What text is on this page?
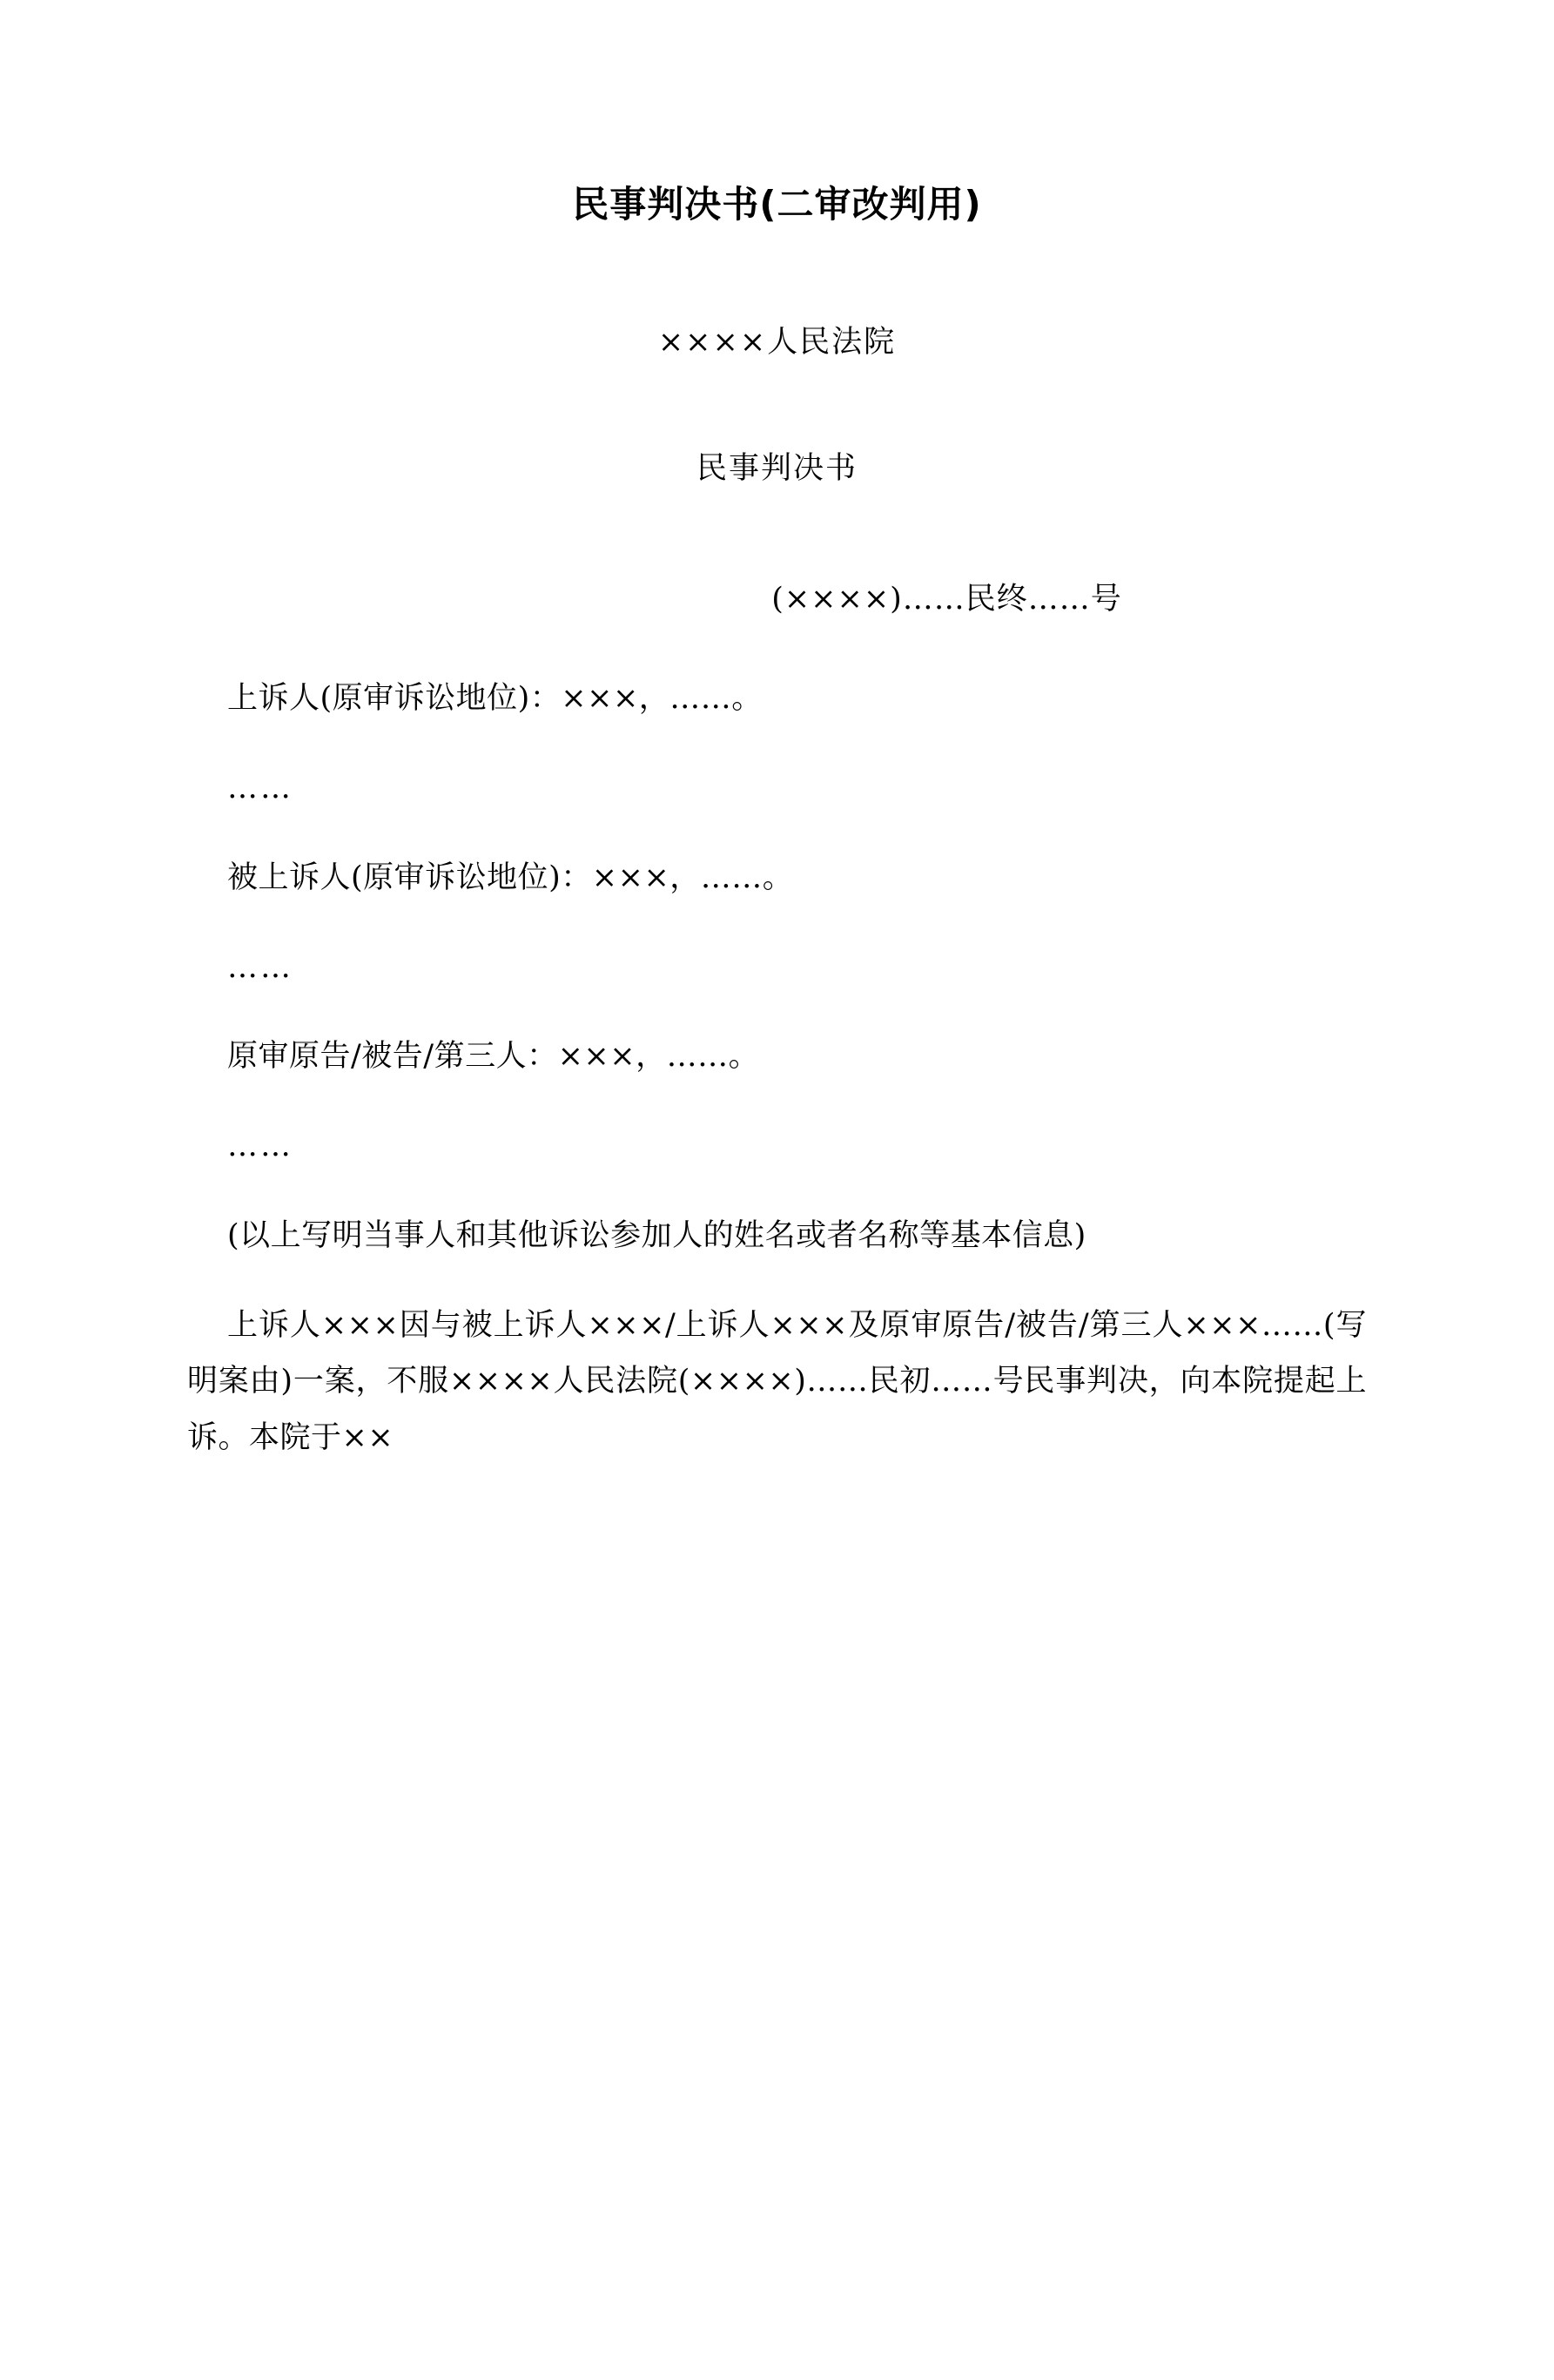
民事判决书(二审改判用)
××××人民法院
民事判决书
(××××)……民终……号

上诉人(原审诉讼地位)：×××，……。

……

被上诉人(原审诉讼地位)：×××，……。

……

原审原告/被告/第三人：×××，……。

……

(以上写明当事人和其他诉讼参加人的姓名或者名称等基本信息)

上诉人×××因与被上诉人×××/上诉人×××及原审原告/被告/第三人×××……(写明案由)一案，不服××××人民法院(××××)……民初……号民事判决，向本院提起上诉。本院于××
